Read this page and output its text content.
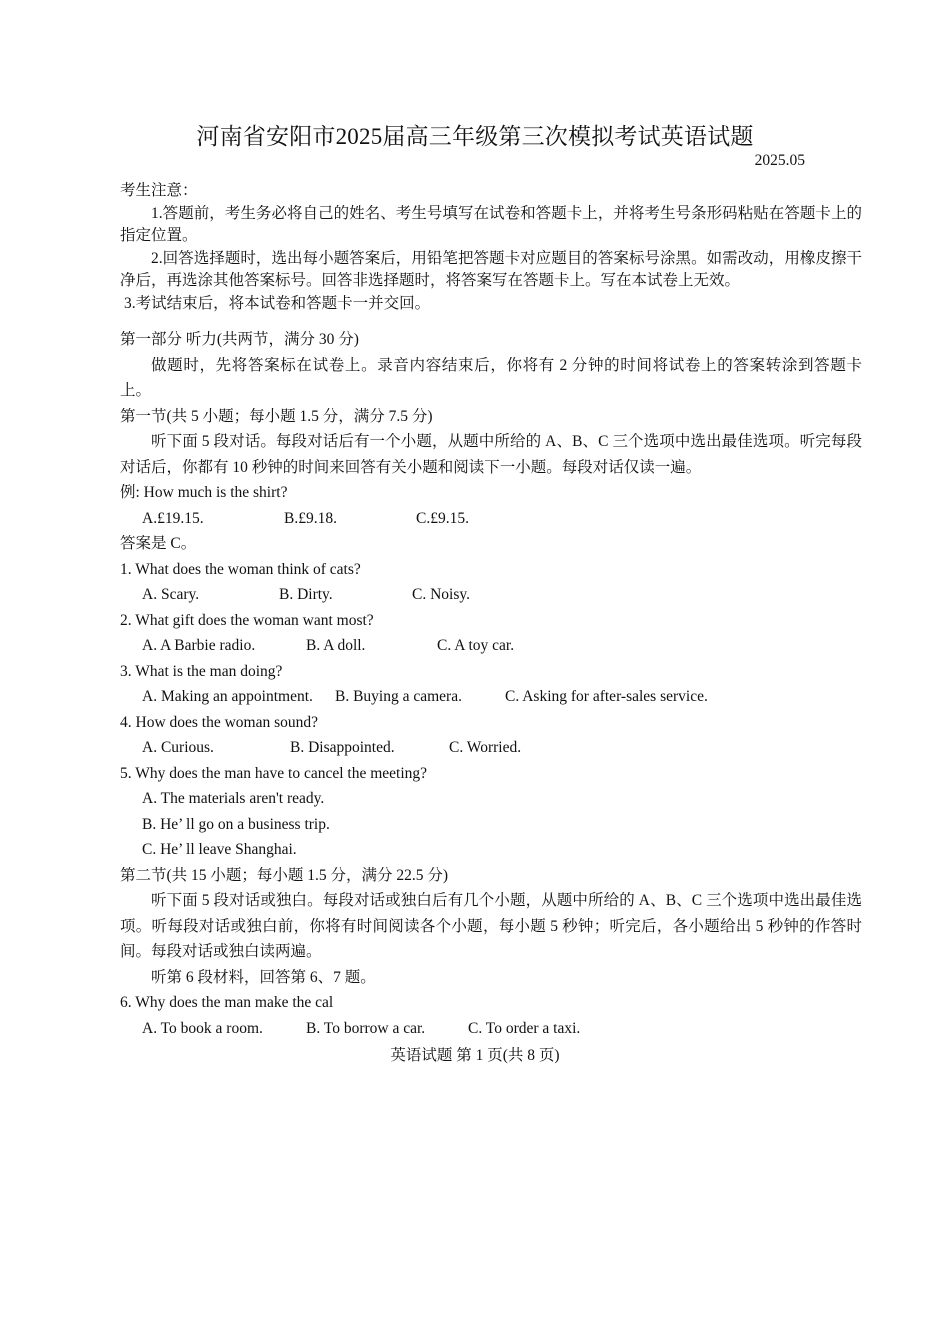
河南省安阳市2025届高三年级第三次模拟考试英语试题
2025.05
考生注意：
1.答题前，考生务必将自己的姓名、考生号填写在试卷和答题卡上，并将考生号条形码粘贴在答题卡上的指定位置。
2.回答选择题时，选出每小题答案后，用铅笔把答题卡对应题目的答案标号涂黑。如需改动，用橡皮擦干净后，再选涂其他答案标号。回答非选择题时，将答案写在答题卡上。写在本试卷上无效。
3.考试结束后，将本试卷和答题卡一并交回。
第一部分 听力(共两节，满分 30 分)
做题时，先将答案标在试卷上。录音内容结束后，你将有 2 分钟的时间将试卷上的答案转涂到答题卡上。
第一节(共 5 小题；每小题 1.5 分，满分 7.5 分)
听下面 5 段对话。每段对话后有一个小题，从题中所给的 A、B、C 三个选项中选出最佳选项。听完每段对话后，你都有 10 秒钟的时间来回答有关小题和阅读下一小题。每段对话仅读一遍。
例: How much is the shirt?
A.£19.15.	B.£9.18.	C.£9.15.
答案是 C。
1. What does the woman think of cats?
A. Scary.	B. Dirty.	C. Noisy.
2. What gift does the woman want most?
A. A Barbie radio.	B. A doll.	C. A toy car.
3. What is the man doing?
A. Making an appointment. B. Buying a camera.	C. Asking for after-sales service.
4. How does the woman sound?
A. Curious.	B. Disappointed.	C. Worried.
5. Why does the man have to cancel the meeting?
A. The materials aren't ready.
B. He’ ll go on a business trip.
C. He’ ll leave Shanghai.
第二节(共 15 小题；每小题 1.5 分，满分 22.5 分)
听下面 5 段对话或独白。每段对话或独白后有几个小题，从题中所给的 A、B、C 三个选项中选出最佳选项。听每段对话或独白前，你将有时间阅读各个小题，每小题 5 秒钟；听完后，各小题给出 5 秒钟的作答时间。每段对话或独白读两遍。
听第 6 段材料，回答第 6、7 题。
6. Why does the man make the cal
A. To book a room.	B. To borrow a car.	C. To order a taxi.
英语试题 第 1 页(共 8 页)
